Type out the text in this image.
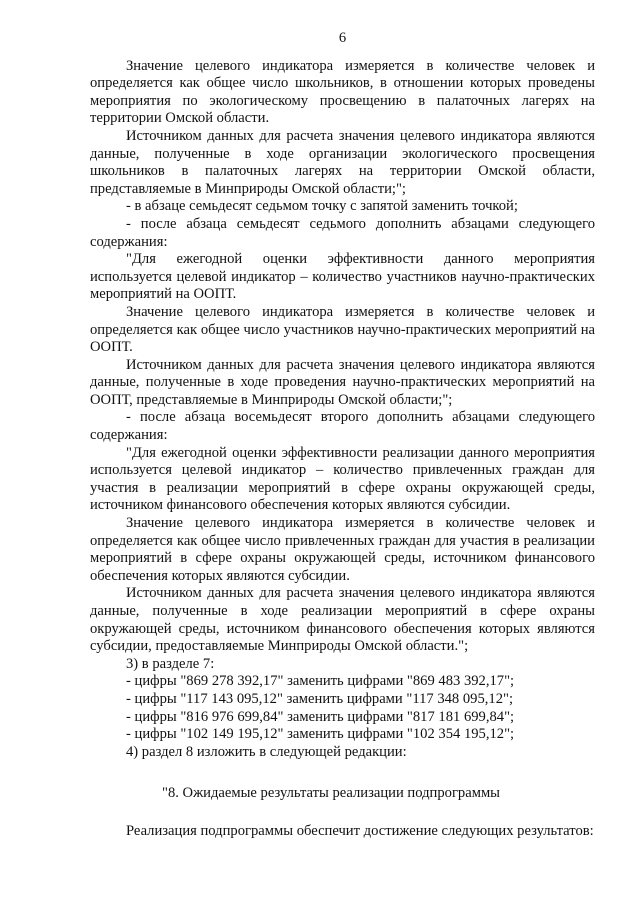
6

Значение целевого индикатора измеряется в количестве человек и определяется как общее число школьников, в отношении которых проведены мероприятия по экологическому просвещению в палаточных лагерях на территории Омской области.

Источником данных для расчета значения целевого индикатора являются данные, полученные в ходе организации экологического просвещения школьников в палаточных лагерях на территории Омской области, представляемые в Минприроды Омской области;";

- в абзаце семьдесят седьмом точку с запятой заменить точкой;

- после абзаца семьдесят седьмого дополнить абзацами следующего содержания:

"Для ежегодной оценки эффективности данного мероприятия используется целевой индикатор – количество участников научно-практических мероприятий на ООПТ.

Значение целевого индикатора измеряется в количестве человек и определяется как общее число участников научно-практических мероприятий на ООПТ.

Источником данных для расчета значения целевого индикатора являются данные, полученные в ходе проведения научно-практических мероприятий на ООПТ, представляемые в Минприроды Омской области;";

- после абзаца восемьдесят второго дополнить абзацами следующего содержания:

"Для ежегодной оценки эффективности реализации данного мероприятия используется целевой индикатор – количество привлеченных граждан для участия в реализации мероприятий в сфере охраны окружающей среды, источником финансового обеспечения которых являются субсидии.

Значение целевого индикатора измеряется в количестве человек и определяется как общее число привлеченных граждан для участия в реализации мероприятий в сфере охраны окружающей среды, источником финансового обеспечения которых являются субсидии.

Источником данных для расчета значения целевого индикатора являются данные, полученные в ходе реализации мероприятий в сфере охраны окружающей среды, источником финансового обеспечения которых являются субсидии, предоставляемые Минприроды Омской области.";

3) в разделе 7:

- цифры "869 278 392,17" заменить цифрами "869 483 392,17";

- цифры "117 143 095,12" заменить цифрами "117 348 095,12";

- цифры "816 976 699,84" заменить цифрами "817 181 699,84";

- цифры "102 149 195,12" заменить цифрами "102 354 195,12";

4) раздел 8 изложить в следующей редакции:

"8. Ожидаемые результаты реализации подпрограммы

Реализация подпрограммы обеспечит достижение следующих результатов:
